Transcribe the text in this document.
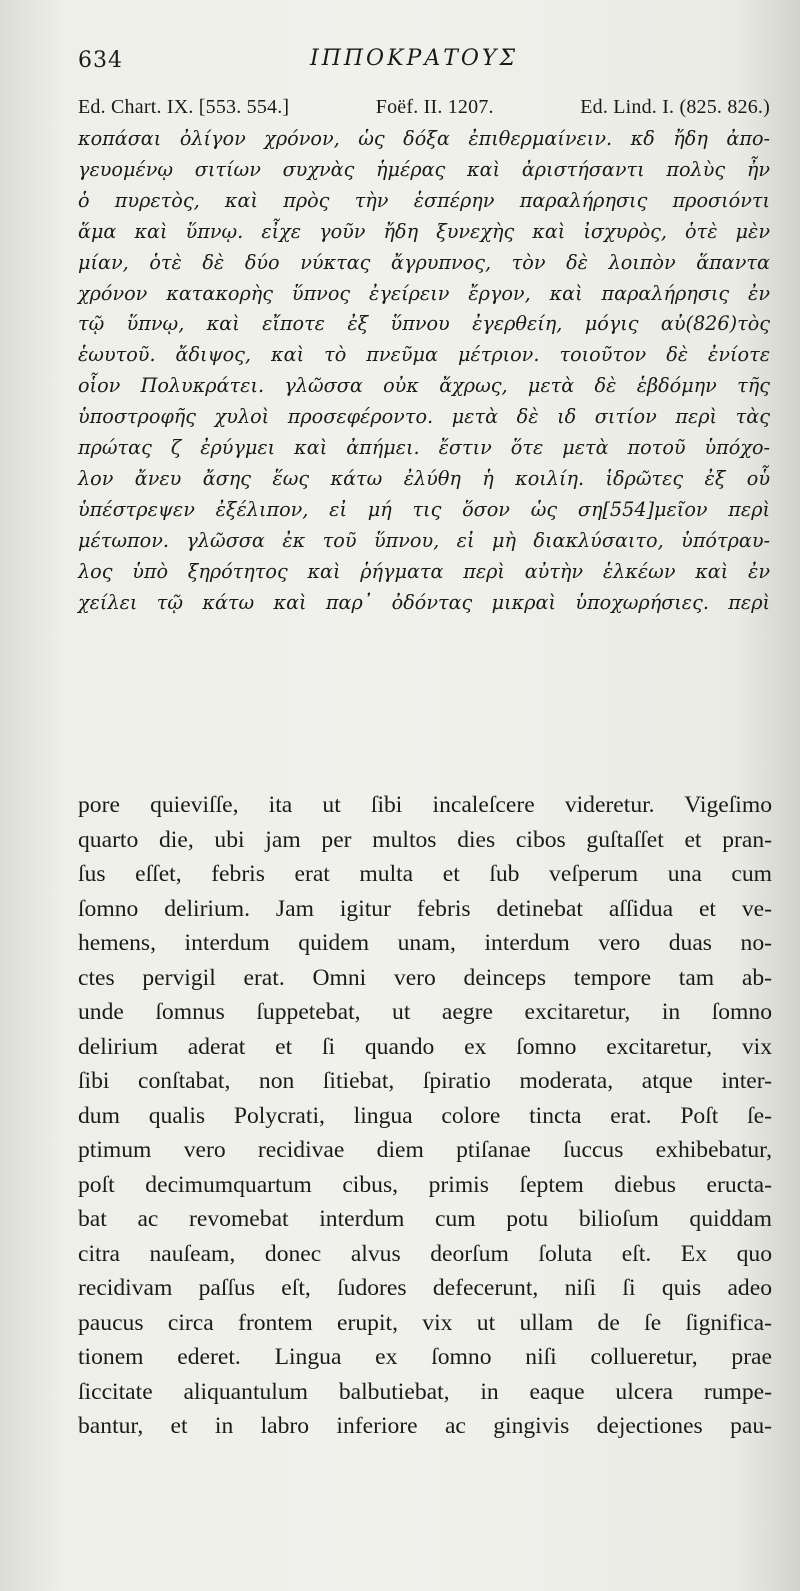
634	ΙΠΠΟΚΡΑΤΟΥΣ
Ed. Chart. IX. [553. 554.]	Foëf. II. 1207.	Ed. Lind. I. (825. 826.)
κοπάσαι ὀλίγον χρόνον, ὡς δόξα ἐπιθερμαίνειν. κδ ἤδη ἀπο-
γευομένῳ σιτίων συχνὰς ἡμέρας καὶ ἀριστήσαντι πολὺς ἦν
ὁ πυρετὸς, καὶ πρὸς τὴν ἑσπέρην παραλήρησις προσιόντι
ἅμα καὶ ὕπνῳ. εἶχε γοῦν ἤδη ξυνεχὴς καὶ ἰσχυρὸς, ὁτὲ μὲν
μίαν, ὁτὲ δὲ δύο νύκτας ἄγρυπνος, τὸν δὲ λοιπὸν ἅπαντα
χρόνον κατακορὴς ὕπνος ἐγείρειν ἔργον, καὶ παραλήρησις ἐν
τῷ ὕπνῳ, καὶ εἴποτε ἐξ ὕπνου ἐγερθείη, μόγις αὐ(826)τὸς
ἑωυτοῦ. ἄδιψος, καὶ τὸ πνεῦμα μέτριον. τοιοῦτον δὲ ἐνίοτε
οἷον Πολυκράτει. γλῶσσα οὐκ ἄχρως, μετὰ δὲ ἑβδόμην τῆς
ὑποστροφῆς χυλοὶ προσεφέροντο. μετὰ δὲ ιδ σιτίον περὶ τὰς
πρώτας ζ ἐρύγμει καὶ ἀπήμει. ἔστιν ὅτε μετὰ ποτοῦ ὑπόχο-
λον ἄνευ ἄσης ἕως κάτω ἐλύθη ἡ κοιλίη. ἱδρῶτες ἐξ οὗ
ὑπέστρεψεν ἐξέλιπον, εἰ μή τις ὅσον ὡς ση[554]μεῖον περὶ
μέτωπον. γλῶσσα ἐκ τοῦ ὕπνου, εἰ μὴ διακλύσαιτο, ὑπότραυ-
λος ὑπὸ ξηρότητος καὶ ῥήγματα περὶ αὐτὴν ἑλκέων καὶ ἐν
χείλει τῷ κάτω καὶ παρ᾽ ὀδόντας μικραὶ ὑποχωρήσιες. περὶ
pore quieviſſe, ita ut ſibi incaleſcere videretur. Vigeſimo
quarto die, ubi jam per multos dies cibos guſtaſſet et pran-
ſus eſſet, febris erat multa et ſub veſperum una cum
ſomno delirium. Jam igitur febris detinebat aſſidua et ve-
hemens, interdum quidem unam, interdum vero duas no-
ctes pervigil erat. Omni vero deinceps tempore tam ab-
unde ſomnus ſuppetebat, ut aegre excitaretur, in ſomno
delirium aderat et ſi quando ex ſomno excitaretur, vix
ſibi conſtabat, non ſitiebat, ſpiratio moderata, atque inter-
dum qualis Polycrati, lingua colore tincta erat. Poſt ſe-
ptimum vero recidivae diem ptiſanae ſuccus exhibebatur,
poſt decimumquartum cibus, primis ſeptem diebus eructa-
bat ac revomebat interdum cum potu bilioſum quiddam
citra nauſeam, donec alvus deorſum ſoluta eſt. Ex quo
recidivam paſſus eſt, ſudores defecerunt, niſi ſi quis adeo
paucus circa frontem erupit, vix ut ullam de ſe ſignifica-
tionem ederet. Lingua ex ſomno niſi collueretur, prae
ſiccitate aliquantulum balbutiebat, in eaque ulcera rumpe-
bantur, et in labro inferiore ac gingivis dejectiones pau-
